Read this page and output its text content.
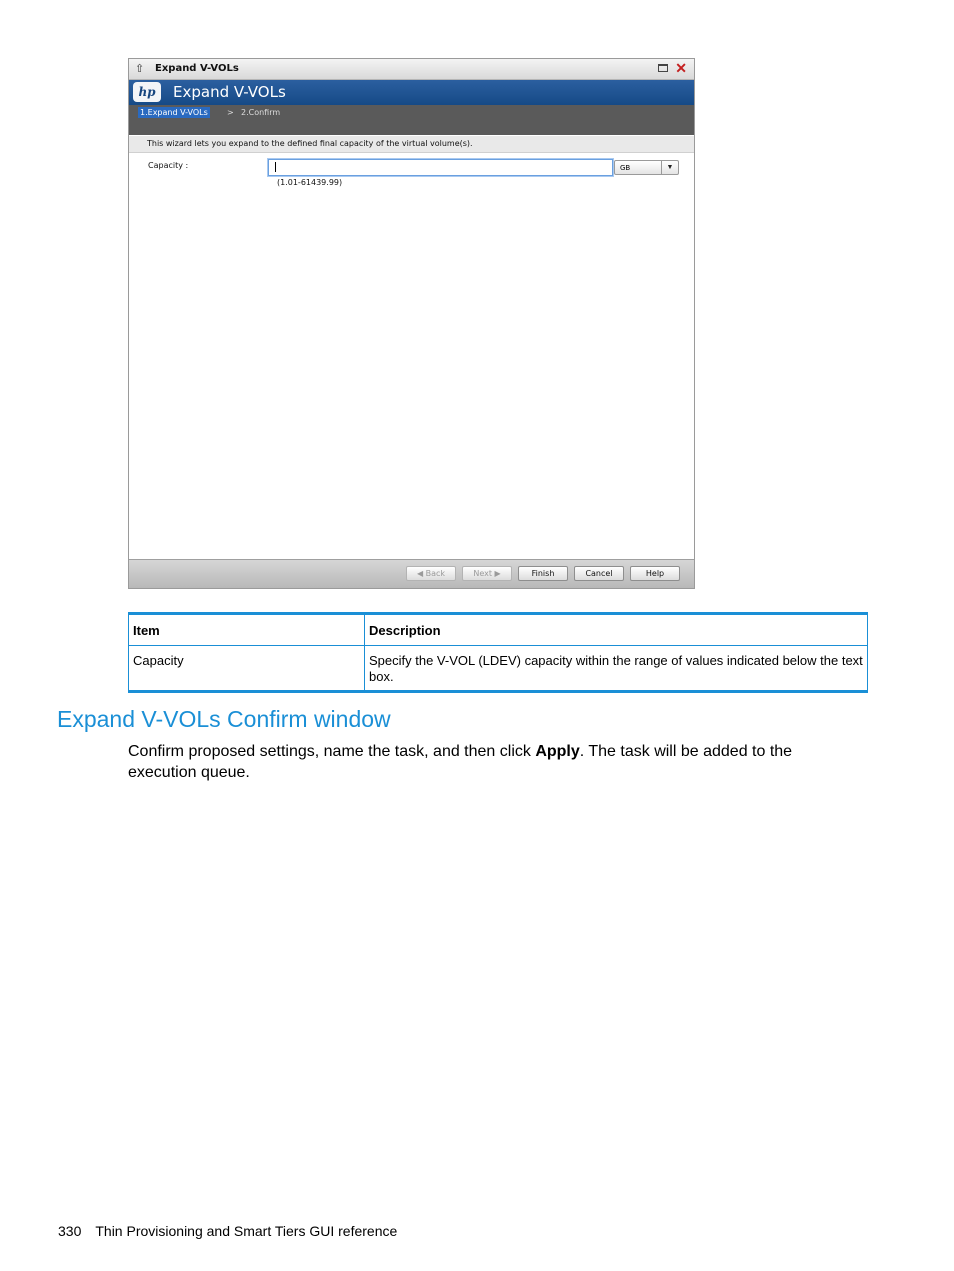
⇧ Expand V-VOLs	✕
hp	Expand V-VOLs
1.Expand V-VOLs > 2.Confirm
This wizard lets you expand to the defined final capacity of the virtual volume(s).
Capacity :	GB	▼
(1.01-61439.99)
◀ Back	Next ▶	Finish	Cancel	Help
Item	Description
Capacity	Specify the V-VOL (LDEV) capacity within the range of values indicated below the text box.
Expand V-VOLs Confirm window

Confirm proposed settings, name the task, and then click Apply. The task will be added to the execution queue.

330 Thin Provisioning and Smart Tiers GUI reference
